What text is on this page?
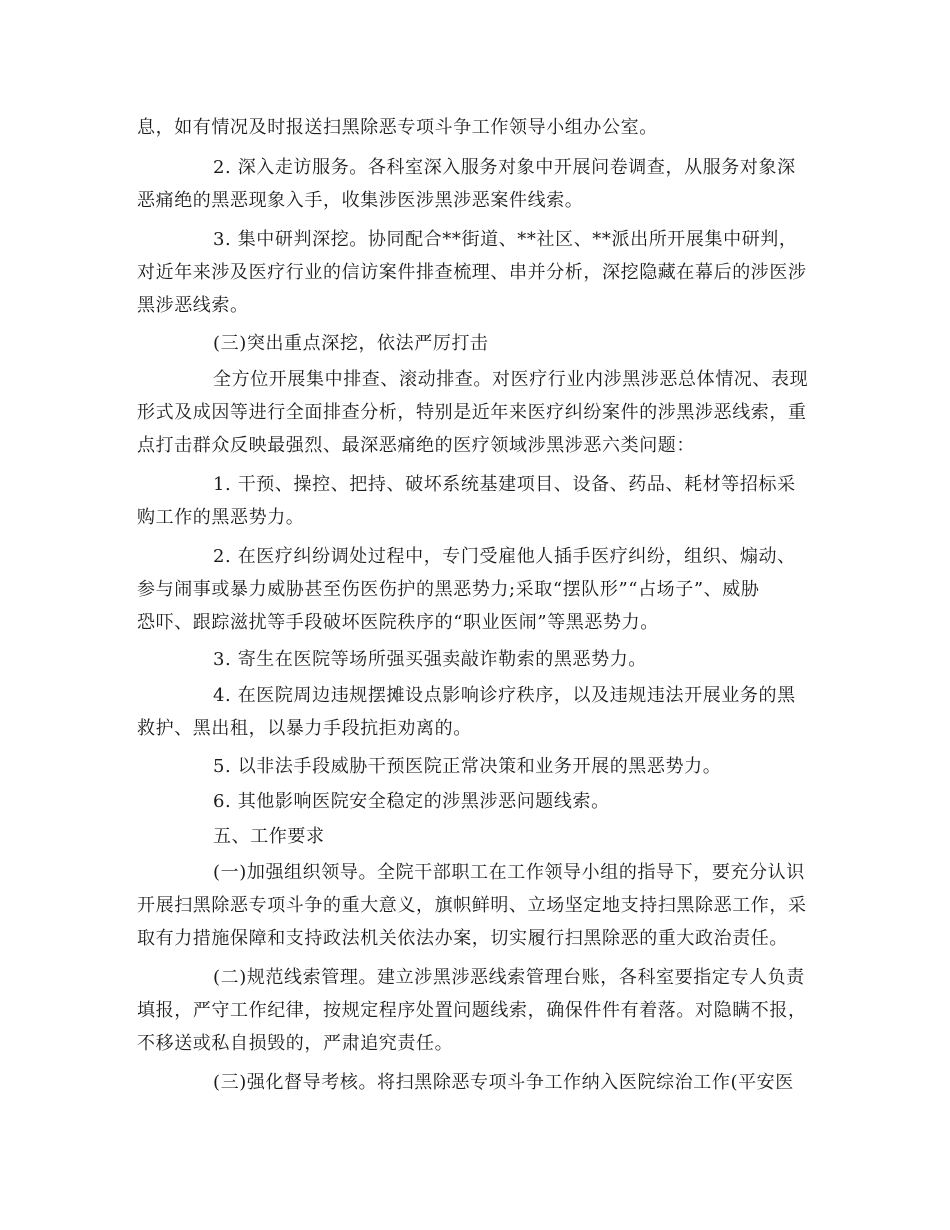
息，如有情况及时报送扫黑除恶专项斗争工作领导小组办公室。
2. 深入走访服务。各科室深入服务对象中开展问卷调查，从服务对象深
恶痛绝的黑恶现象入手，收集涉医涉黑涉恶案件线索。
3. 集中研判深挖。协同配合**街道、**社区、**派出所开展集中研判，
对近年来涉及医疗行业的信访案件排查梳理、串并分析，深挖隐藏在幕后的涉医涉
黑涉恶线索。
(三)突出重点深挖，依法严厉打击
全方位开展集中排查、滚动排查。对医疗行业内涉黑涉恶总体情况、表现
形式及成因等进行全面排查分析，特别是近年来医疗纠纷案件的涉黑涉恶线索，重
点打击群众反映最强烈、最深恶痛绝的医疗领域涉黑涉恶六类问题：
1. 干预、操控、把持、破坏系统基建项目、设备、药品、耗材等招标采
购工作的黑恶势力。
2. 在医疗纠纷调处过程中，专门受雇他人插手医疗纠纷，组织、煽动、
参与闹事或暴力威胁甚至伤医伤护的黑恶势力;采取“摆队形”“占场子”、威胁
恐吓、跟踪滋扰等手段破坏医院秩序的“职业医闹”等黑恶势力。
3. 寄生在医院等场所强买强卖敲诈勒索的黑恶势力。
4. 在医院周边违规摆摊设点影响诊疗秩序，以及违规违法开展业务的黑
救护、黑出租，以暴力手段抗拒劝离的。
5. 以非法手段威胁干预医院正常决策和业务开展的黑恶势力。
6. 其他影响医院安全稳定的涉黑涉恶问题线索。
五、工作要求
(一)加强组织领导。全院干部职工在工作领导小组的指导下，要充分认识
开展扫黑除恶专项斗争的重大意义，旗帜鲜明、立场坚定地支持扫黑除恶工作，采
取有力措施保障和支持政法机关依法办案，切实履行扫黑除恶的重大政治责任。
(二)规范线索管理。建立涉黑涉恶线索管理台账，各科室要指定专人负责
填报，严守工作纪律，按规定程序处置问题线索，确保件件有着落。对隐瞒不报，
不移送或私自损毁的，严肃追究责任。
(三)强化督导考核。将扫黑除恶专项斗争工作纳入医院综治工作(平安医
